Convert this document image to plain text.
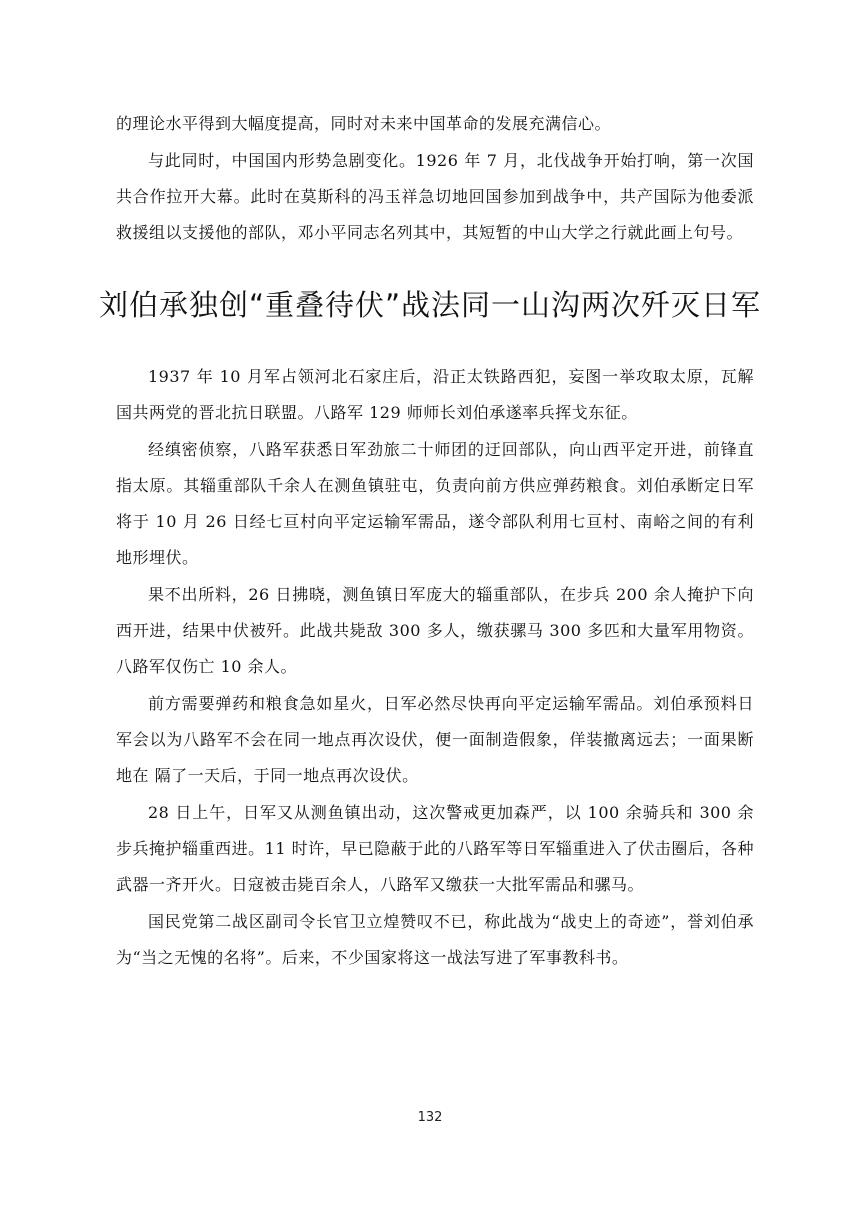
的理论水平得到大幅度提高，同时对未来中国革命的发展充满信心。

与此同时，中国国内形势急剧变化。1926 年 7 月，北伐战争开始打响，第一次国共合作拉开大幕。此时在莫斯科的冯玉祥急切地回国参加到战争中，共产国际为他委派救援组以支援他的部队，邓小平同志名列其中，其短暂的中山大学之行就此画上句号。

刘伯承独创“重叠待伏”战法同一山沟两次歼灭日军

1937 年 10 月军占领河北石家庄后，沿正太铁路西犯，妄图一举攻取太原，瓦解国共两党的晋北抗日联盟。八路军 129 师师长刘伯承遂率兵挥戈东征。

经缜密侦察，八路军获悉日军劲旅二十师团的迂回部队，向山西平定开进，前锋直指太原。其辎重部队千余人在测鱼镇驻屯，负责向前方供应弹药粮食。刘伯承断定日军将于 10 月 26 日经七亘村向平定运输军需品，遂令部队利用七亘村、南峪之间的有利地形埋伏。

果不出所料，26 日拂晓，测鱼镇日军庞大的辎重部队，在步兵 200 余人掩护下向西开进，结果中伏被歼。此战共毙敌 300 多人，缴获骡马 300 多匹和大量军用物资。八路军仅伤亡 10 余人。

前方需要弹药和粮食急如星火，日军必然尽快再向平定运输军需品。刘伯承预料日军会以为八路军不会在同一地点再次设伏，便一面制造假象，佯装撤离远去；一面果断地在 隔了一天后，于同一地点再次设伏。

28 日上午，日军又从测鱼镇出动，这次警戒更加森严，以 100 余骑兵和 300 余步兵掩护辎重西进。11 时许，早已隐蔽于此的八路军等日军辎重进入了伏击圈后，各种武器一齐开火。日寇被击毙百余人，八路军又缴获一大批军需品和骡马。

国民党第二战区副司令长官卫立煌赞叹不已，称此战为“战史上的奇迹”，誉刘伯承为“当之无愧的名将”。后来，不少国家将这一战法写进了军事教科书。

132
